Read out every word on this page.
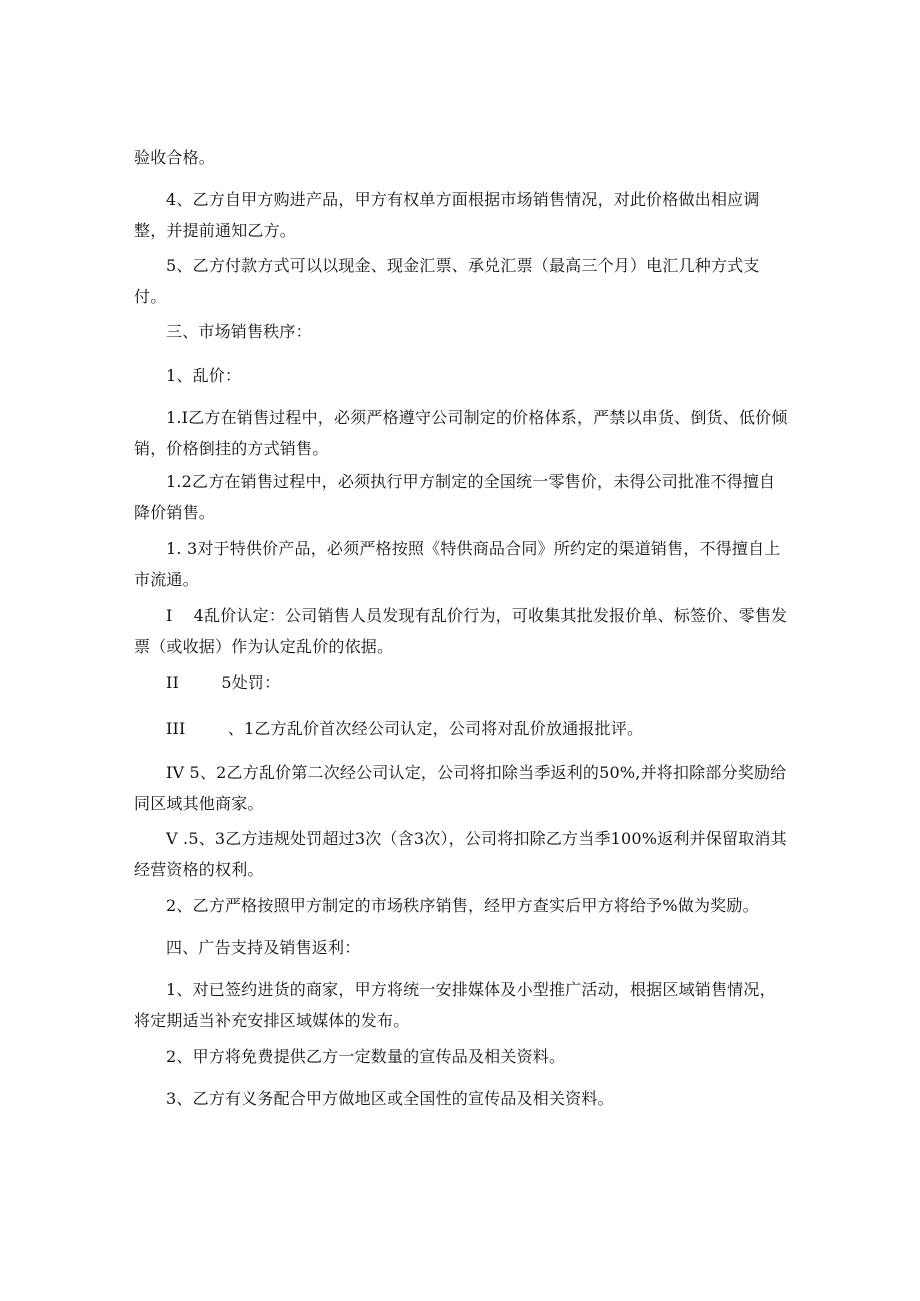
验收合格。

4、乙方自甲方购进产品，甲方有权单方面根据市场销售情况，对此价格做出相应调整，并提前通知乙方。

5、乙方付款方式可以以现金、现金汇票、承兑汇票（最高三个月）电汇几种方式支付。

三、市场销售秩序：

1、乱价：

1.I乙方在销售过程中，必须严格遵守公司制定的价格体系，严禁以串货、倒货、低价倾销，价格倒挂的方式销售。

1.2乙方在销售过程中，必须执行甲方制定的全国统一零售价，未得公司批准不得擅自降价销售。

1. 3对于特供价产品，必须严格按照《特供商品合同》所约定的渠道销售，不得擅自上市流通。

I    4乱价认定：公司销售人员发现有乱价行为，可收集其批发报价单、标签价、零售发票（或收据）作为认定乱价的依据。

II        5处罚：

III        、1乙方乱价首次经公司认定，公司将对乱价放通报批评。

IV 5、2乙方乱价第二次经公司认定，公司将扣除当季返利的50%,并将扣除部分奖励给同区域其他商家。

V .5、3乙方违规处罚超过3次（含3次），公司将扣除乙方当季100%返利并保留取消其经营资格的权利。

2、乙方严格按照甲方制定的市场秩序销售，经甲方查实后甲方将给予%做为奖励。

四、广告支持及销售返利：

1、对已签约进货的商家，甲方将统一安排媒体及小型推广活动，根据区域销售情况，将定期适当补充安排区域媒体的发布。

2、甲方将免费提供乙方一定数量的宣传品及相关资料。

3、乙方有义务配合甲方做地区或全国性的宣传品及相关资料。
